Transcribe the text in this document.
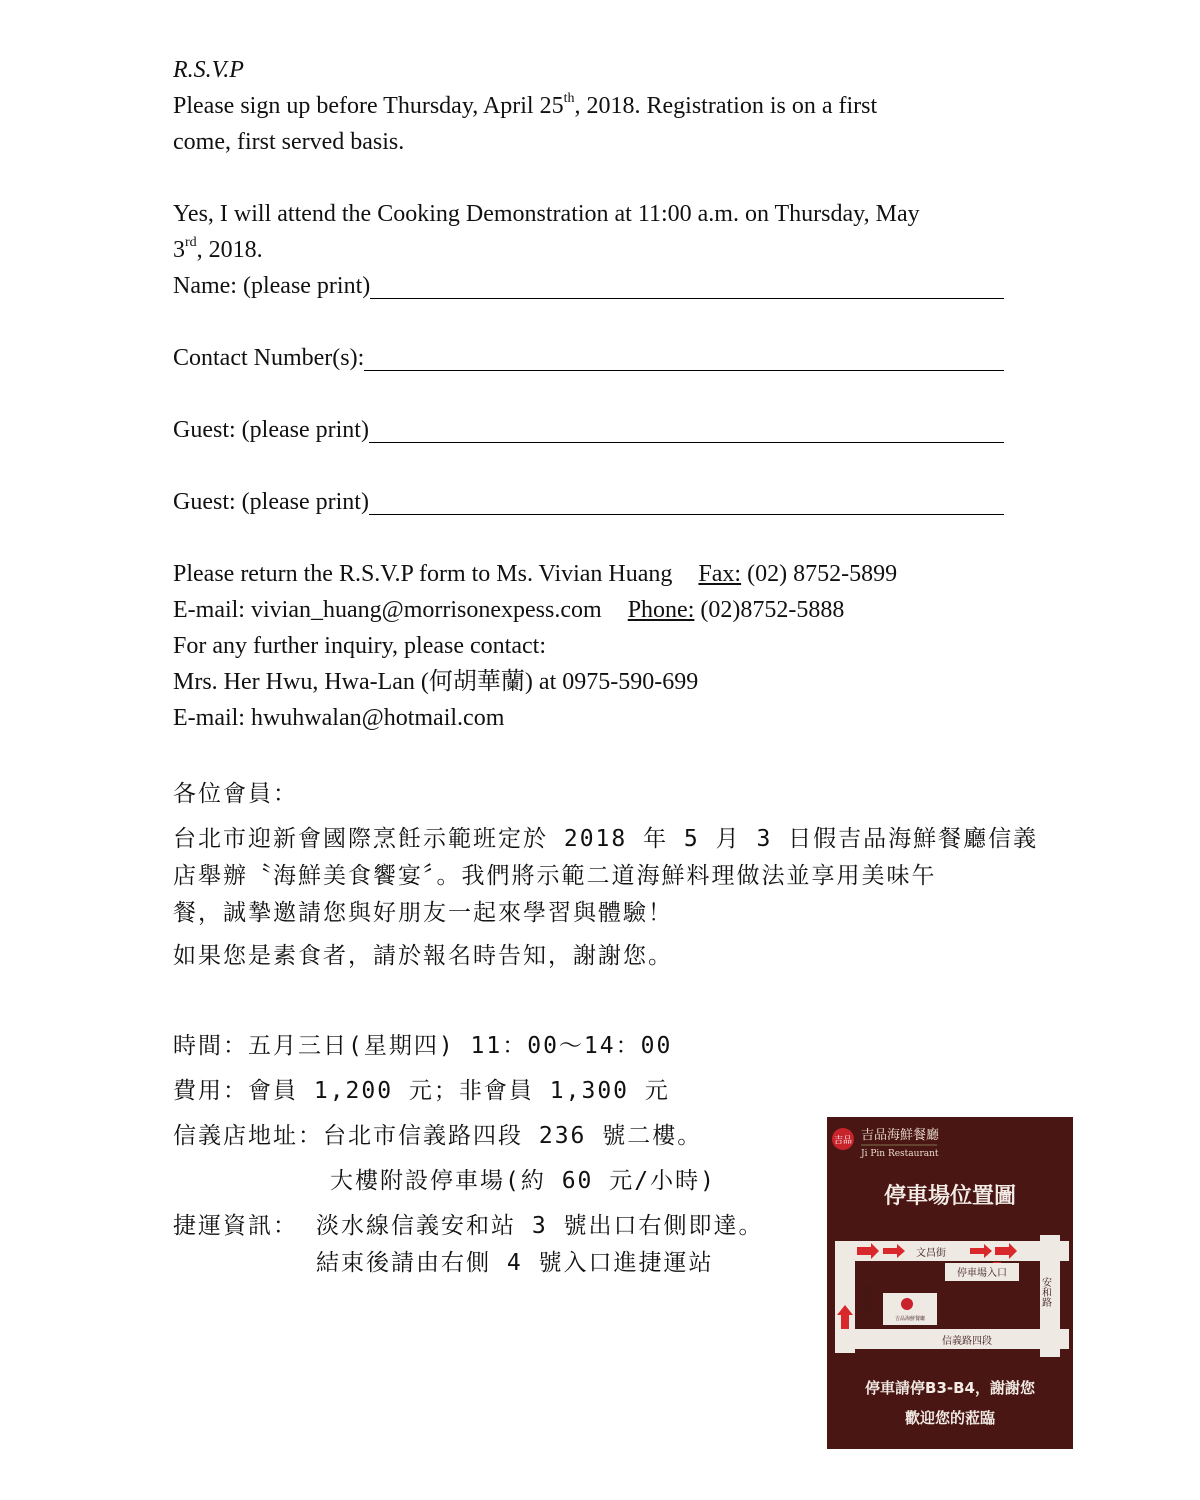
R.S.V.P
Please sign up before Thursday, April 25th, 2018. Registration is on a first
come, first served basis.
Yes, I will attend the Cooking Demonstration at 11:00 a.m. on Thursday, May
3rd, 2018.
Name: (please print)
Contact Number(s):
Guest: (please print)
Guest: (please print)
Please return the R.S.V.P form to Ms. Vivian Huang Fax: (02) 8752-5899
E-mail: vivian_huang@morrisonexpess.com Phone: (02)8752-5888
For any further inquiry, please contact:
Mrs. Her Hwu, Hwa-Lan (何胡華蘭) at 0975-590-699
E-mail: hwuhwalan@hotmail.com
各位會員：
台北市迎新會國際烹飪示範班定於 2018 年 5 月 3 日假吉品海鮮餐廳信義
店舉辦〝海鮮美食饗宴〞。我們將示範二道海鮮料理做法並享用美味午
餐，誠摯邀請您與好朋友一起來學習與體驗！
如果您是素食者，請於報名時告知，謝謝您。
時間：五月三日(星期四) 11：00～14：00
費用：會員 1,200 元；非會員 1,300 元
信義店地址：台北市信義路四段 236 號二樓。
大樓附設停車場(約 60 元/小時)
捷運資訊： 淡水線信義安和站 3 號出口右側即達。
結束後請由右側 4 號入口進捷運站
吉品 吉品海鮮餐廳
Ji Pin Restaurant
停車場位置圖
文昌街
停車場入口
通安街	安和路
信義路四段
吉品海鮮餐廳
停車請停B3-B4，謝謝您
歡迎您的蒞臨
